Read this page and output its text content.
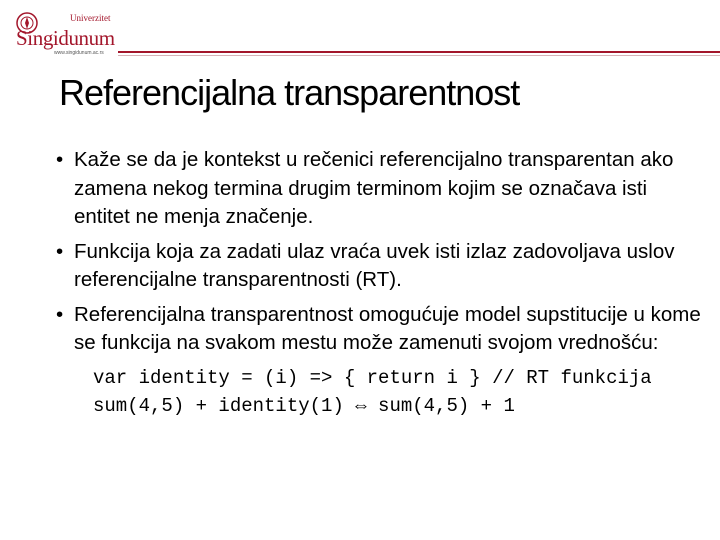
Univerzitet
Singidunum
www.singidunum.ac.rs
Referencijalna transparentnost
• Kaže se da je kontekst u rečenici referencijalno transparentan ako zamena nekog termina drugim terminom kojim se označava isti entitet ne menja značenje.
• Funkcija koja za zadati ulaz vraća uvek isti izlaz zadovoljava uslov referencijalne transparentnosti (RT).
• Referencijalna transparentnost omogućuje model supstitucije u kome se funkcija na svakom mestu može zamenuti svojom vrednošću:
var identity = (i) => { return i } // RT funkcija
sum(4,5) + identity(1) ⇔ sum(4,5) + 1
